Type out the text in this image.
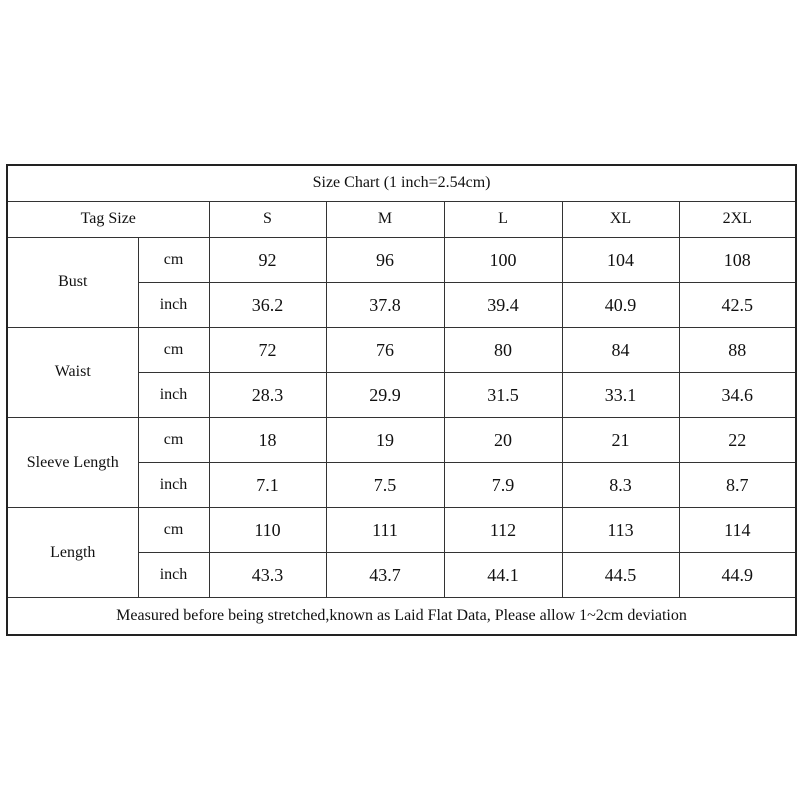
Size Chart (1 inch=2.54cm)						
Tag Size		S	M	L	XL	2XL
Bust	cm	92	96	100	104	108
	inch	36.2	37.8	39.4	40.9	42.5
Waist	cm	72	76	80	84	88
	inch	28.3	29.9	31.5	33.1	34.6
Sleeve Length	cm	18	19	20	21	22
	inch	7.1	7.5	7.9	8.3	8.7
Length	cm	110	111	112	113	114
	inch	43.3	43.7	44.1	44.5	44.9
Measured before being stretched,known as Laid Flat Data, Please allow 1~2cm deviation						
